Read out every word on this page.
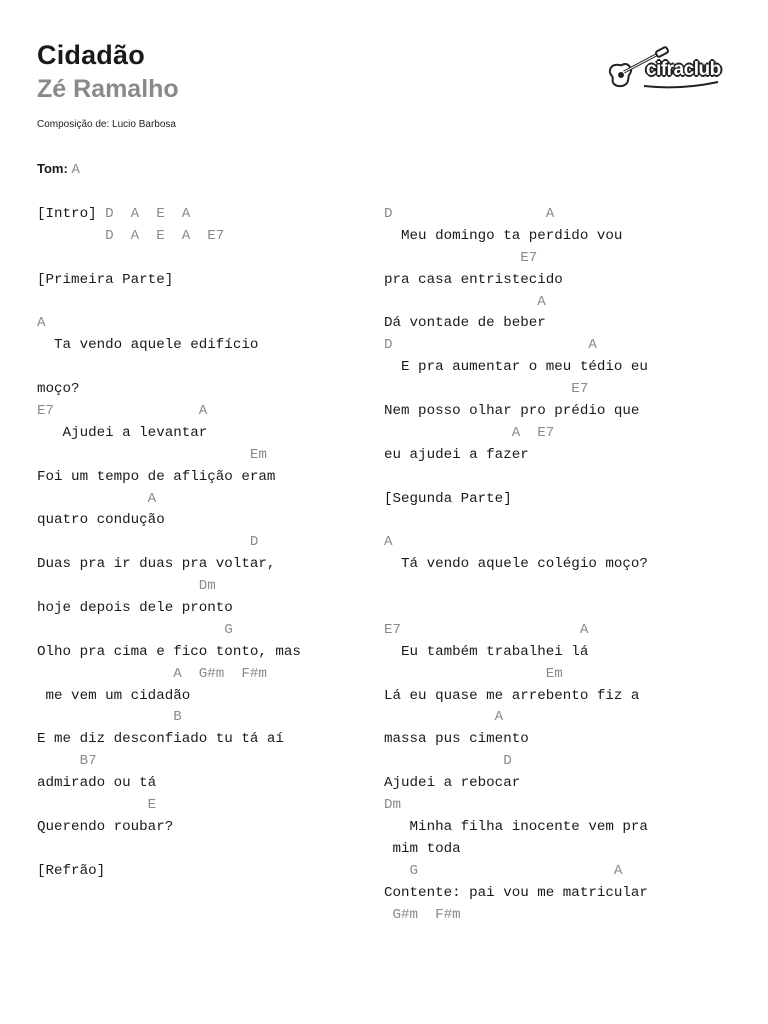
Cidadão
Zé Ramalho
Composição de: Lucio Barbosa
cifraclub
Tom: A
[Intro] D  A  E  A
D  A  E  A  E7
[Primeira Parte]
A
Ta vendo aquele edifício
moço?
E7                 A
Ajudei a levantar
Em
Foi um tempo de aflição eram
A
quatro condução
D
Duas pra ir duas pra voltar,
Dm
hoje depois dele pronto
G
Olho pra cima e fico tonto, mas
A  G#m  F#m
me vem um cidadão
B
E me diz desconfiado tu tá aí
B7
admirado ou tá
E
Querendo roubar?
[Refrão]
D                  A
Meu domingo ta perdido vou
E7
pra casa entristecido
A
Dá vontade de beber
D                       A
E pra aumentar o meu tédio eu
E7
Nem posso olhar pro prédio que
A  E7
eu ajudei a fazer
[Segunda Parte]
A
Tá vendo aquele colégio moço?
E7                     A
Eu também trabalhei lá
Em
Lá eu quase me arrebento fiz a
A
massa pus cimento
D
Ajudei a rebocar
Dm
Minha filha inocente vem pra
mim toda
G                       A
Contente: pai vou me matricular
G#m  F#m
